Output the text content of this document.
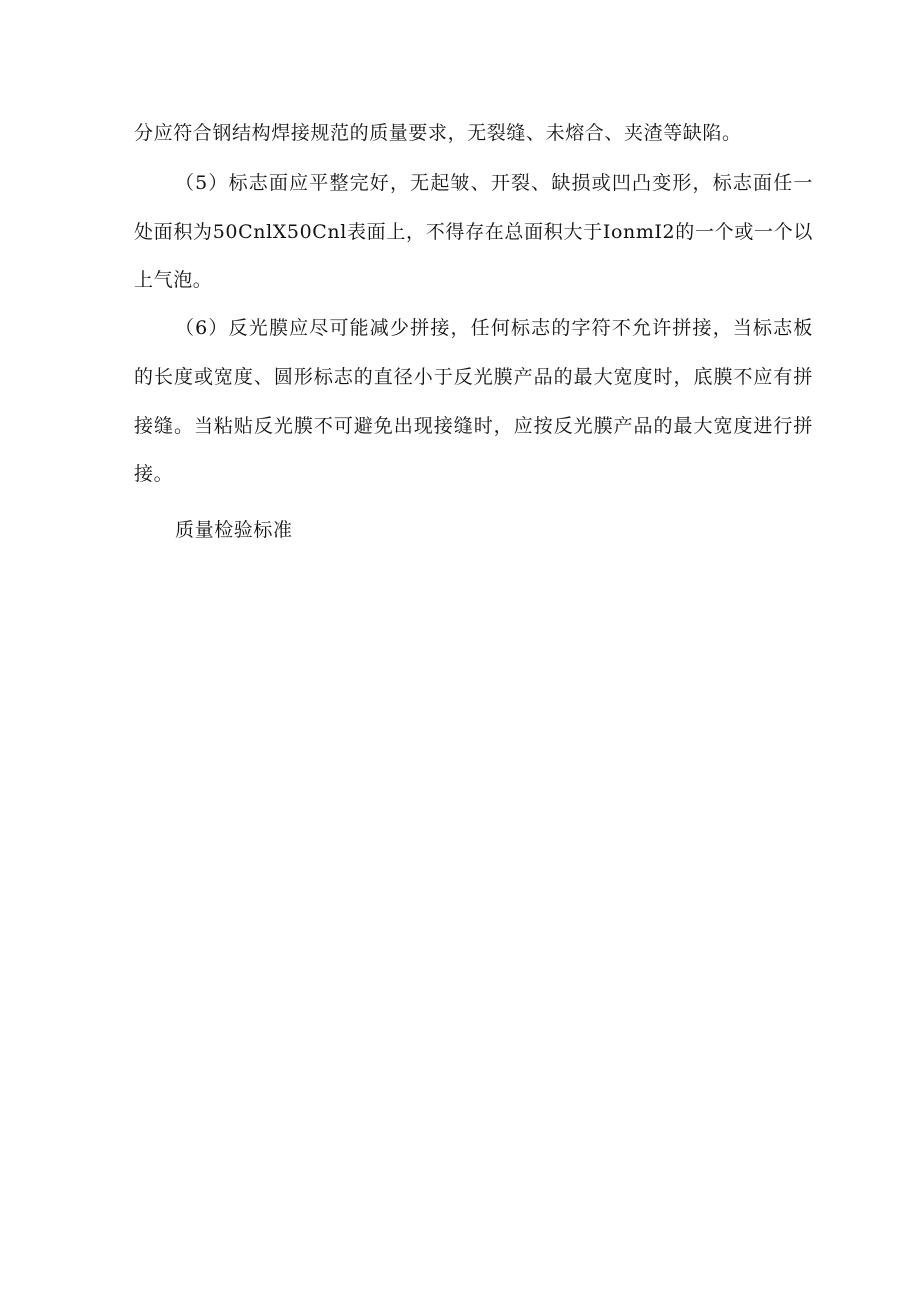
分应符合钢结构焊接规范的质量要求，无裂缝、未熔合、夹渣等缺陷。
（5）标志面应平整完好，无起皱、开裂、缺损或凹凸变形，标志面任一
处面积为50CnlX50Cnl表面上，不得存在总面积大于IonmI2的一个或一个以
上气泡。
（6）反光膜应尽可能减少拼接，任何标志的字符不允许拼接，当标志板
的长度或宽度、圆形标志的直径小于反光膜产品的最大宽度时，底膜不应有拼
接缝。当粘贴反光膜不可避免出现接缝时，应按反光膜产品的最大宽度进行拼
接。
质量检验标准
